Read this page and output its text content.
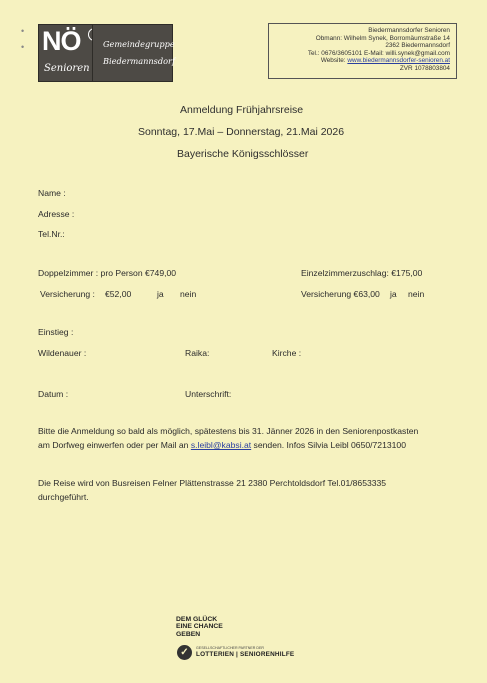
•
• NÖ
Senioren
Gemeindegruppe
Biedermannsdorf
Biedermannsdorfer Senioren
Obmann: Wilhelm Synek, Borromäumstraße 14
2362 Biedermannsdorf
Tel.: 0676/3605101 E-Mail: willi.synek@gmail.com
Website: www.biedermannsdorfer-senioren.at
ZVR 1078803804
Anmeldung Frühjahrsreise
Sonntag, 17.Mai – Donnerstag, 21.Mai 2026
Bayerische Königsschlösser
Name :
Adresse :
Tel.Nr.:
Doppelzimmer : pro Person €749,00	Einzelzimmerzuschlag: €175,00
Versicherung : €52,00	ja nein	Versicherung €63,00 ja nein
Einstieg :
Wildenauer :	Raika:	Kirche :
Datum :	Unterschrift:
Bitte die Anmeldung so bald als möglich, spätestens bis 31. Jänner 2026 in den Seniorenpostkasten
am Dorfweg einwerfen oder per Mail an s.leibl@kabsi.at senden. Infos Silvia Leibl 0650/7213100
Die Reise wird von Busreisen Felner Plättenstrasse 21 2380 Perchtoldsdorf Tel.01/8653335
durchgeführt.
DEM GLÜCK
EINE CHANCE
GEBEN
✓	GESELLSCHAFTLICHER PARTNER DER
LOTTERIEN | SENIORENHILFE
